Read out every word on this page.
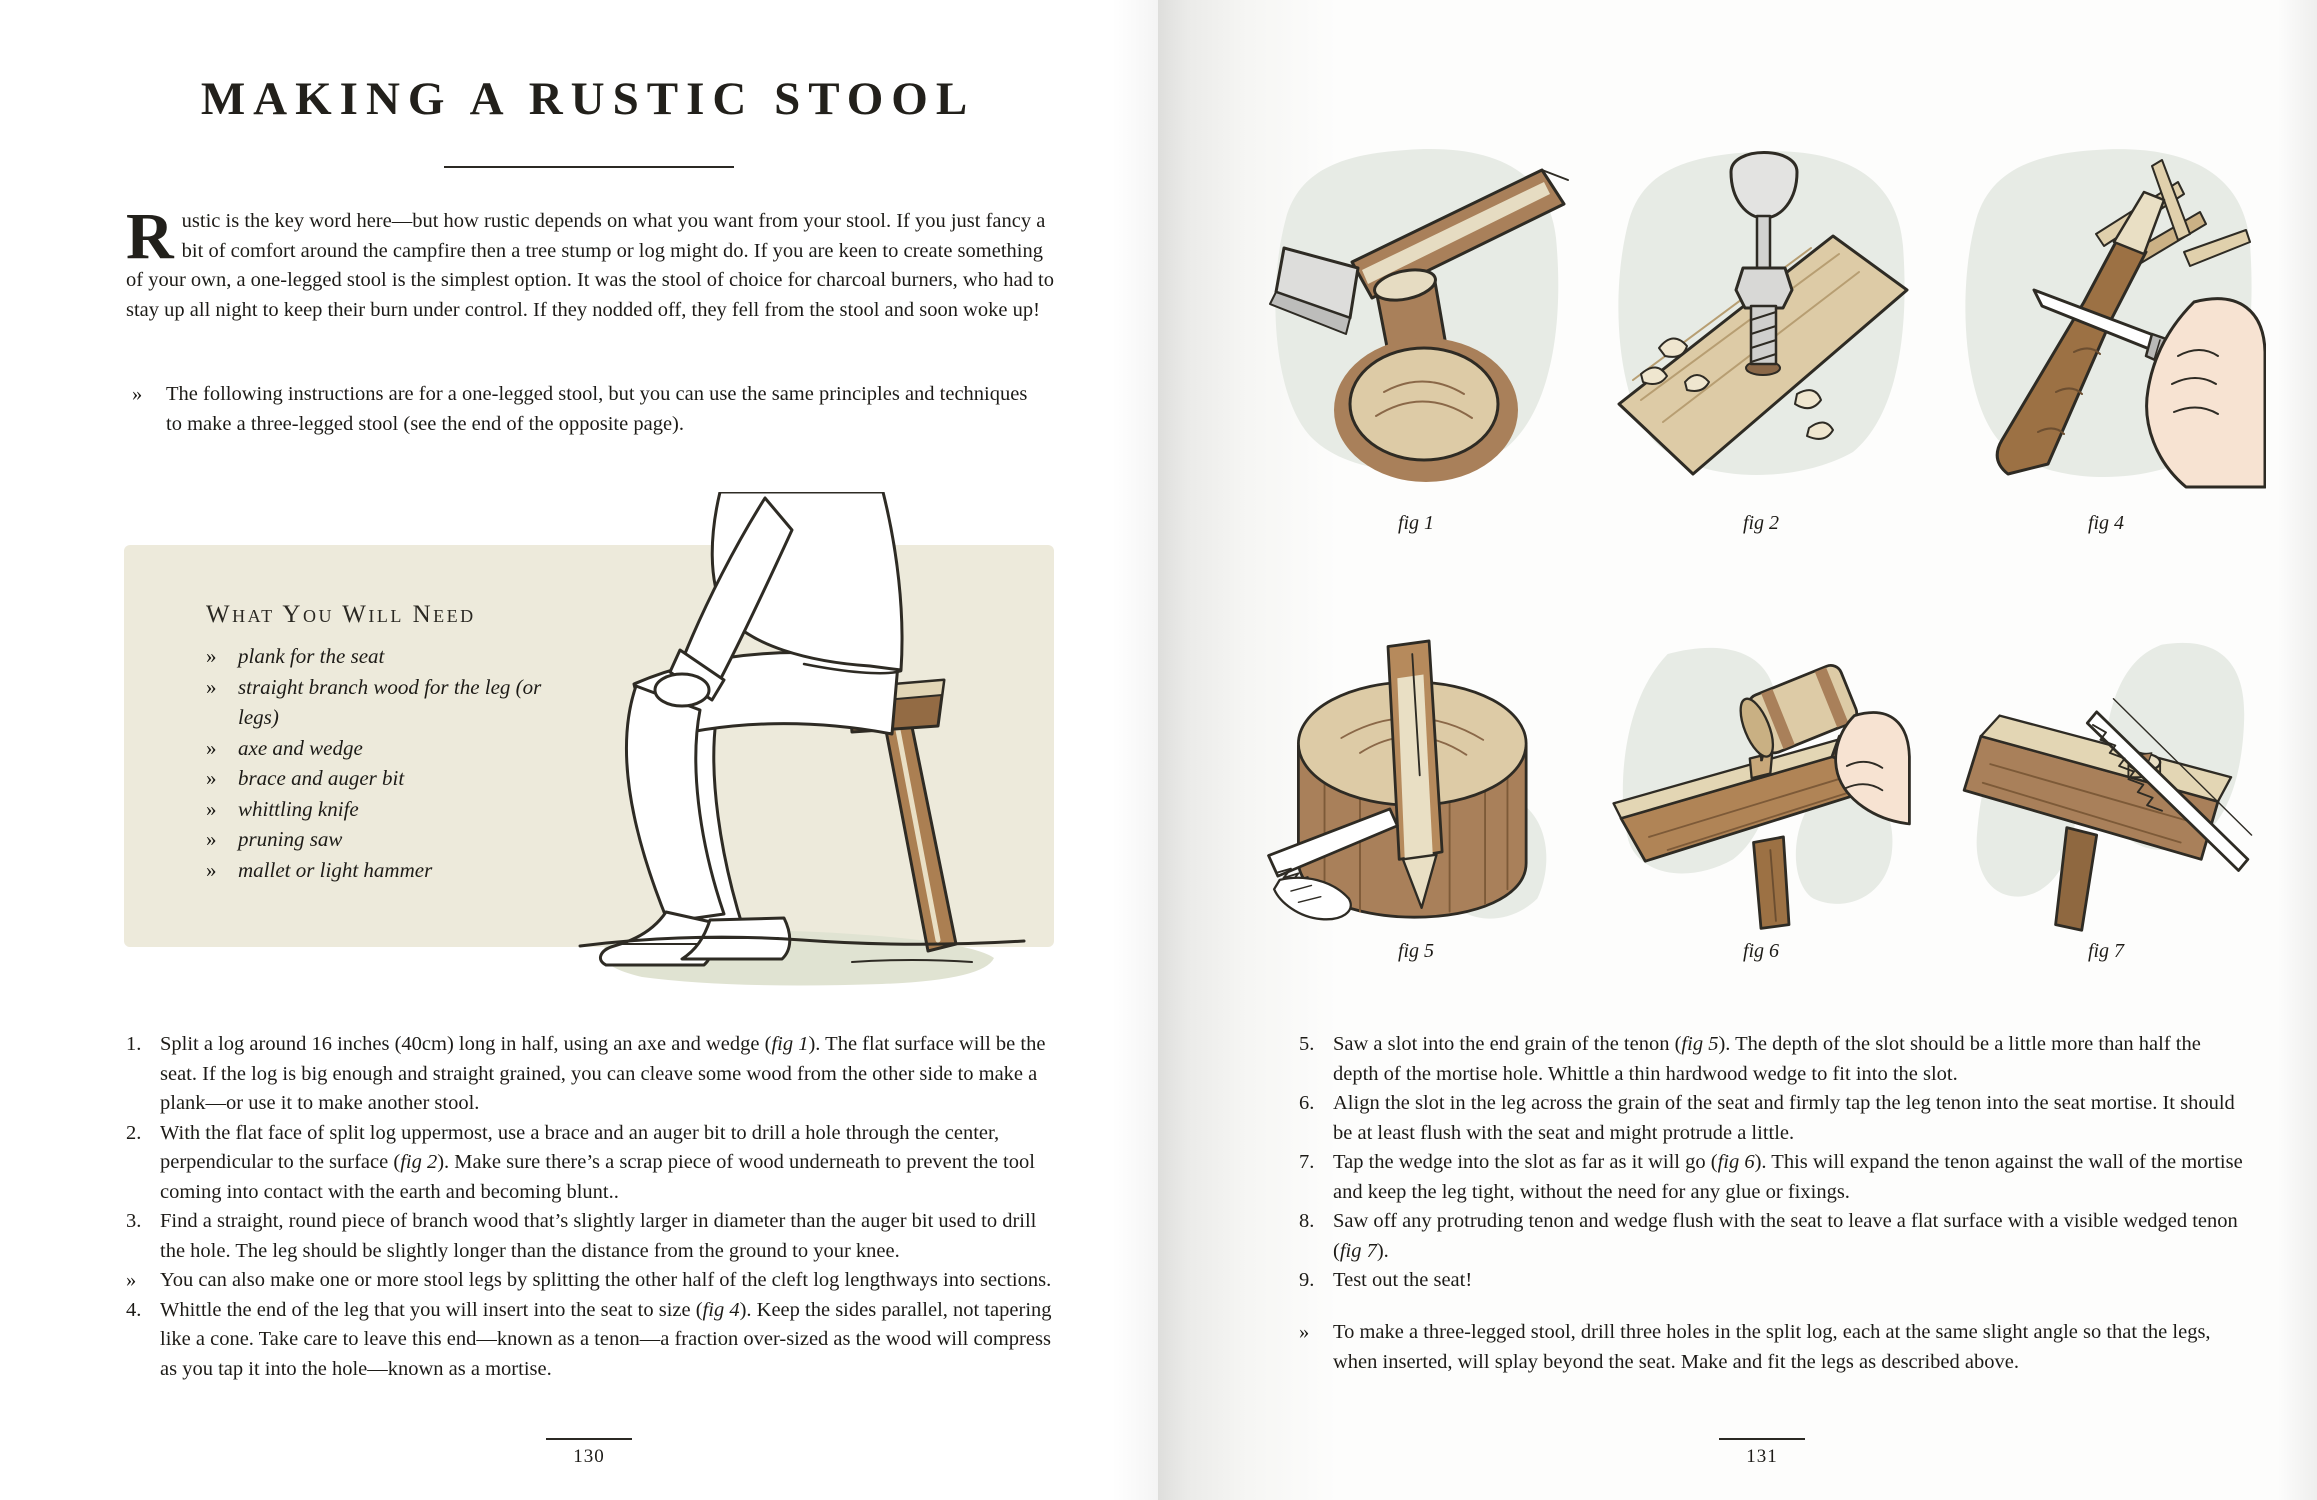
MAKING A RUSTIC STOOL

Rustic is the key word here—but how rustic depends on what you want from your stool. If you just fancy a bit of comfort around the campfire then a tree stump or log might do. If you are keen to create something of your own, a one-legged stool is the simplest option. It was the stool of choice for charcoal burners, who had to stay up all night to keep their burn under control. If they nodded off, they fell from the stool and soon woke up!

»	The following instructions are for a one-legged stool, but you can use the same principles and techniques to make a three-legged stool (see the end of the opposite page).
What You Will Need
»	plank for the seat
»	straight branch wood for the leg (or legs)
»	axe and wedge
»	brace and auger bit
»	whittling knife
»	pruning saw
»	mallet or light hammer
1. Split a log around 16 inches (40cm) long in half, using an axe and wedge (fig 1). The flat surface will be the seat. If the log is big enough and straight grained, you can cleave some wood from the other side to make a plank—or use it to make another stool.
2. With the flat face of split log uppermost, use a brace and an auger bit to drill a hole through the center, perpendicular to the surface (fig 2). Make sure there’s a scrap piece of wood underneath to prevent the tool coming into contact with the earth and becoming blunt..
3. Find a straight, round piece of branch wood that’s slightly larger in diameter than the auger bit used to drill the hole. The leg should be slightly longer than the distance from the ground to your knee.
»	You can also make one or more stool legs by splitting the other half of the cleft log lengthways into sections.
4. Whittle the end of the leg that you will insert into the seat to size (fig 4). Keep the sides parallel, not tapering like a cone. Take care to leave this end—known as a tenon—a fraction over-sized as the wood will compress as you tap it into the hole—known as a mortise.
130
fig 1	fig 2	fig 4
fig 5	fig 6	fig 7
5. Saw a slot into the end grain of the tenon (fig 5). The depth of the slot should be a little more than half the depth of the mortise hole. Whittle a thin hardwood wedge to fit into the slot.
6. Align the slot in the leg across the grain of the seat and firmly tap the leg tenon into the seat mortise. It should be at least flush with the seat and might protrude a little.
7. Tap the wedge into the slot as far as it will go (fig 6). This will expand the tenon against the wall of the mortise and keep the leg tight, without the need for any glue or fixings.
8. Saw off any protruding tenon and wedge flush with the seat to leave a flat surface with a visible wedged tenon (fig 7).
9. Test out the seat!
»	To make a three-legged stool, drill three holes in the split log, each at the same slight angle so that the legs, when inserted, will splay beyond the seat. Make and fit the legs as described above.
131
